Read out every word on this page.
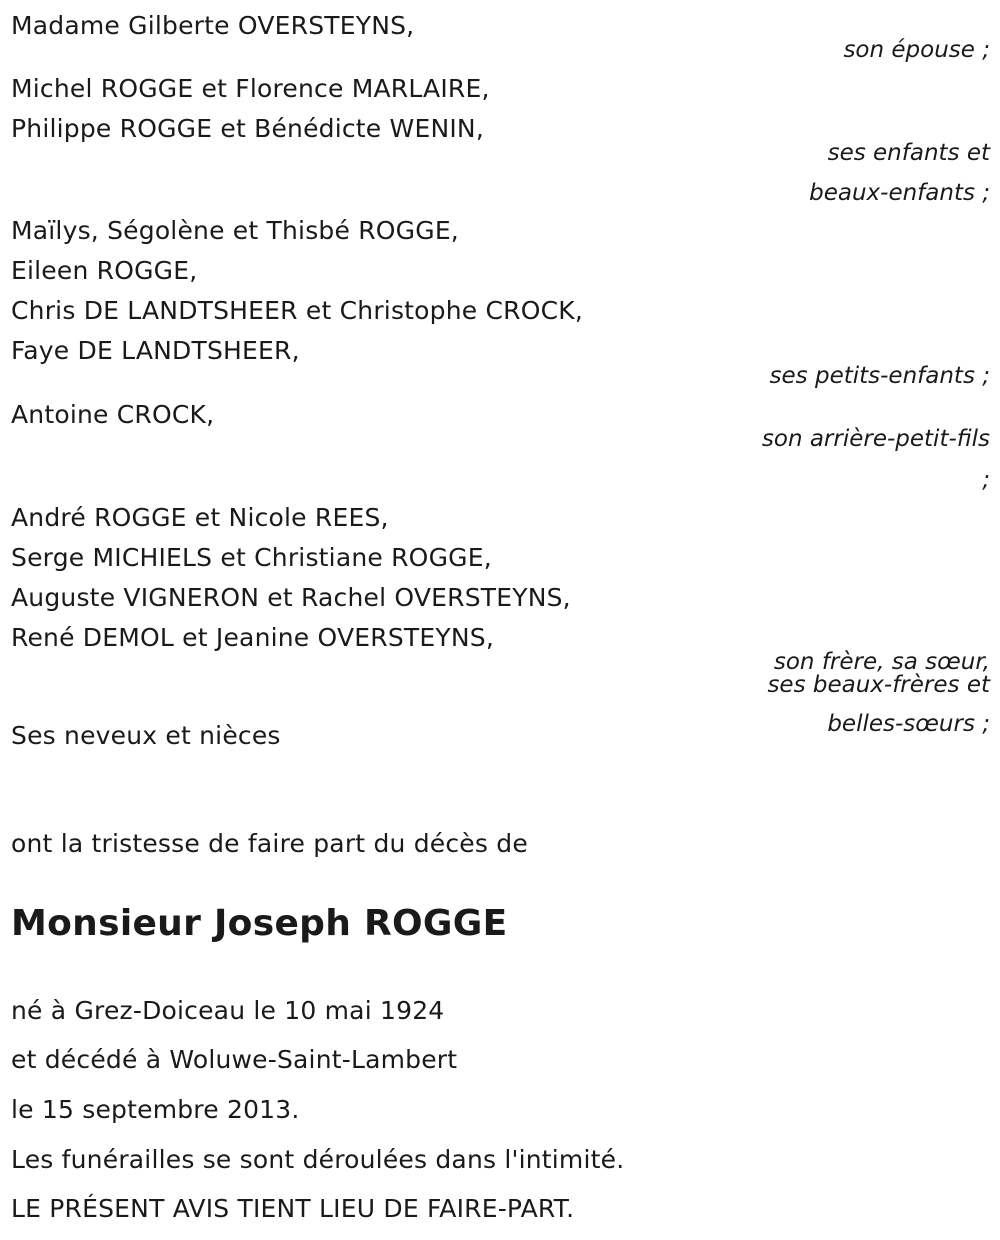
Madame Gilberte OVERSTEYNS,
son épouse ;
Michel ROGGE et Florence MARLAIRE,
Philippe ROGGE et Bénédicte WENIN,
ses enfants et
beaux-enfants ;
Maïlys, Ségolène et Thisbé ROGGE,
Eileen ROGGE,
Chris DE LANDTSHEER et Christophe CROCK,
Faye DE LANDTSHEER,
ses petits-enfants ;
Antoine CROCK,
son arrière-petit-fils
;
André ROGGE et Nicole REES,
Serge MICHIELS et Christiane ROGGE,
Auguste VIGNERON et Rachel OVERSTEYNS,
René DEMOL et Jeanine OVERSTEYNS,
son frère, sa sœur,
ses beaux-frères et
belles-sœurs ;
Ses neveux et nièces
ont la tristesse de faire part du décès de
Monsieur Joseph ROGGE
né à Grez-Doiceau le 10 mai 1924
et décédé à Woluwe-Saint-Lambert
le 15 septembre 2013.
Les funérailles se sont déroulées dans l'intimité.
LE PRÉSENT AVIS TIENT LIEU DE FAIRE-PART.
